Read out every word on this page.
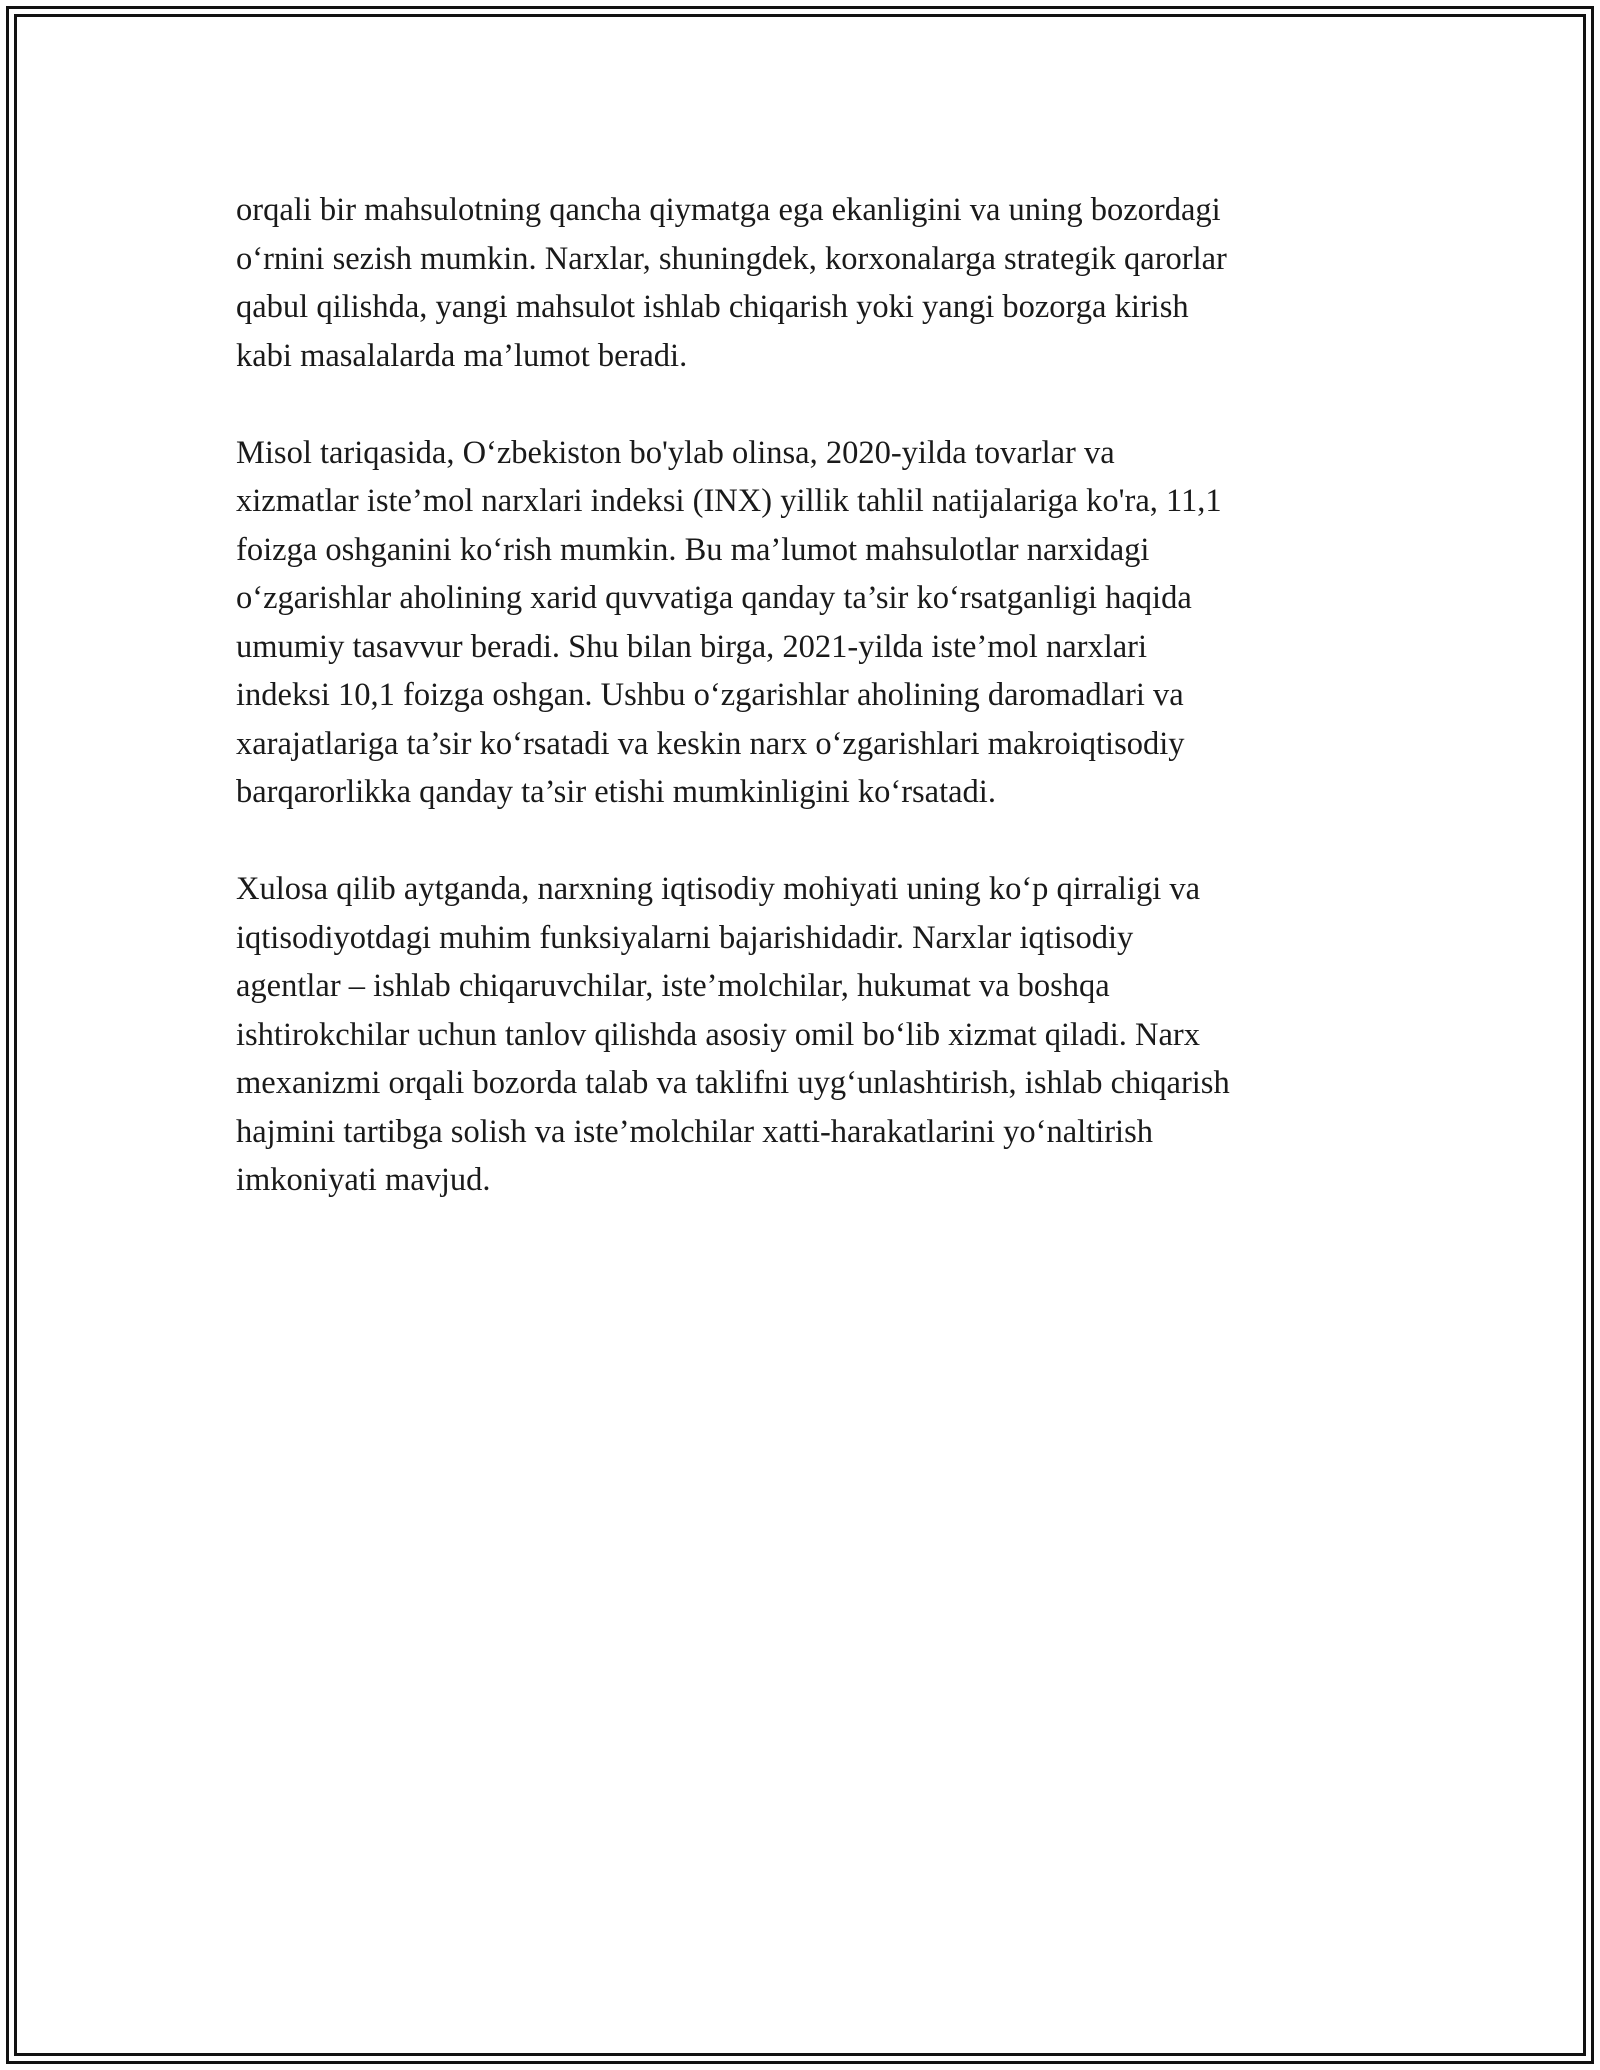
orqali bir mahsulotning qancha qiymatga ega ekanligini va uning bozordagi
o‘rnini sezish mumkin. Narxlar, shuningdek, korxonalarga strategik qarorlar
qabul qilishda, yangi mahsulot ishlab chiqarish yoki yangi bozorga kirish
kabi masalalarda ma’lumot beradi.

Misol tariqasida, O‘zbekiston bo'ylab olinsa, 2020-yilda tovarlar va
xizmatlar iste’mol narxlari indeksi (INX) yillik tahlil natijalariga ko'ra, 11,1
foizga oshganini ko‘rish mumkin. Bu ma’lumot mahsulotlar narxidagi
o‘zgarishlar aholining xarid quvvatiga qanday ta’sir ko‘rsatganligi haqida
umumiy tasavvur beradi. Shu bilan birga, 2021-yilda iste’mol narxlari
indeksi 10,1 foizga oshgan. Ushbu o‘zgarishlar aholining daromadlari va
xarajatlariga ta’sir ko‘rsatadi va keskin narx o‘zgarishlari makroiqtisodiy
barqarorlikka qanday ta’sir etishi mumkinligini ko‘rsatadi.

Xulosa qilib aytganda, narxning iqtisodiy mohiyati uning ko‘p qirraligi va
iqtisodiyotdagi muhim funksiyalarni bajarishidadir. Narxlar iqtisodiy
agentlar – ishlab chiqaruvchilar, iste’molchilar, hukumat va boshqa
ishtirokchilar uchun tanlov qilishda asosiy omil bo‘lib xizmat qiladi. Narx
mexanizmi orqali bozorda talab va taklifni uyg‘unlashtirish, ishlab chiqarish
hajmini tartibga solish va iste’molchilar xatti-harakatlarini yo‘naltirish
imkoniyati mavjud.
